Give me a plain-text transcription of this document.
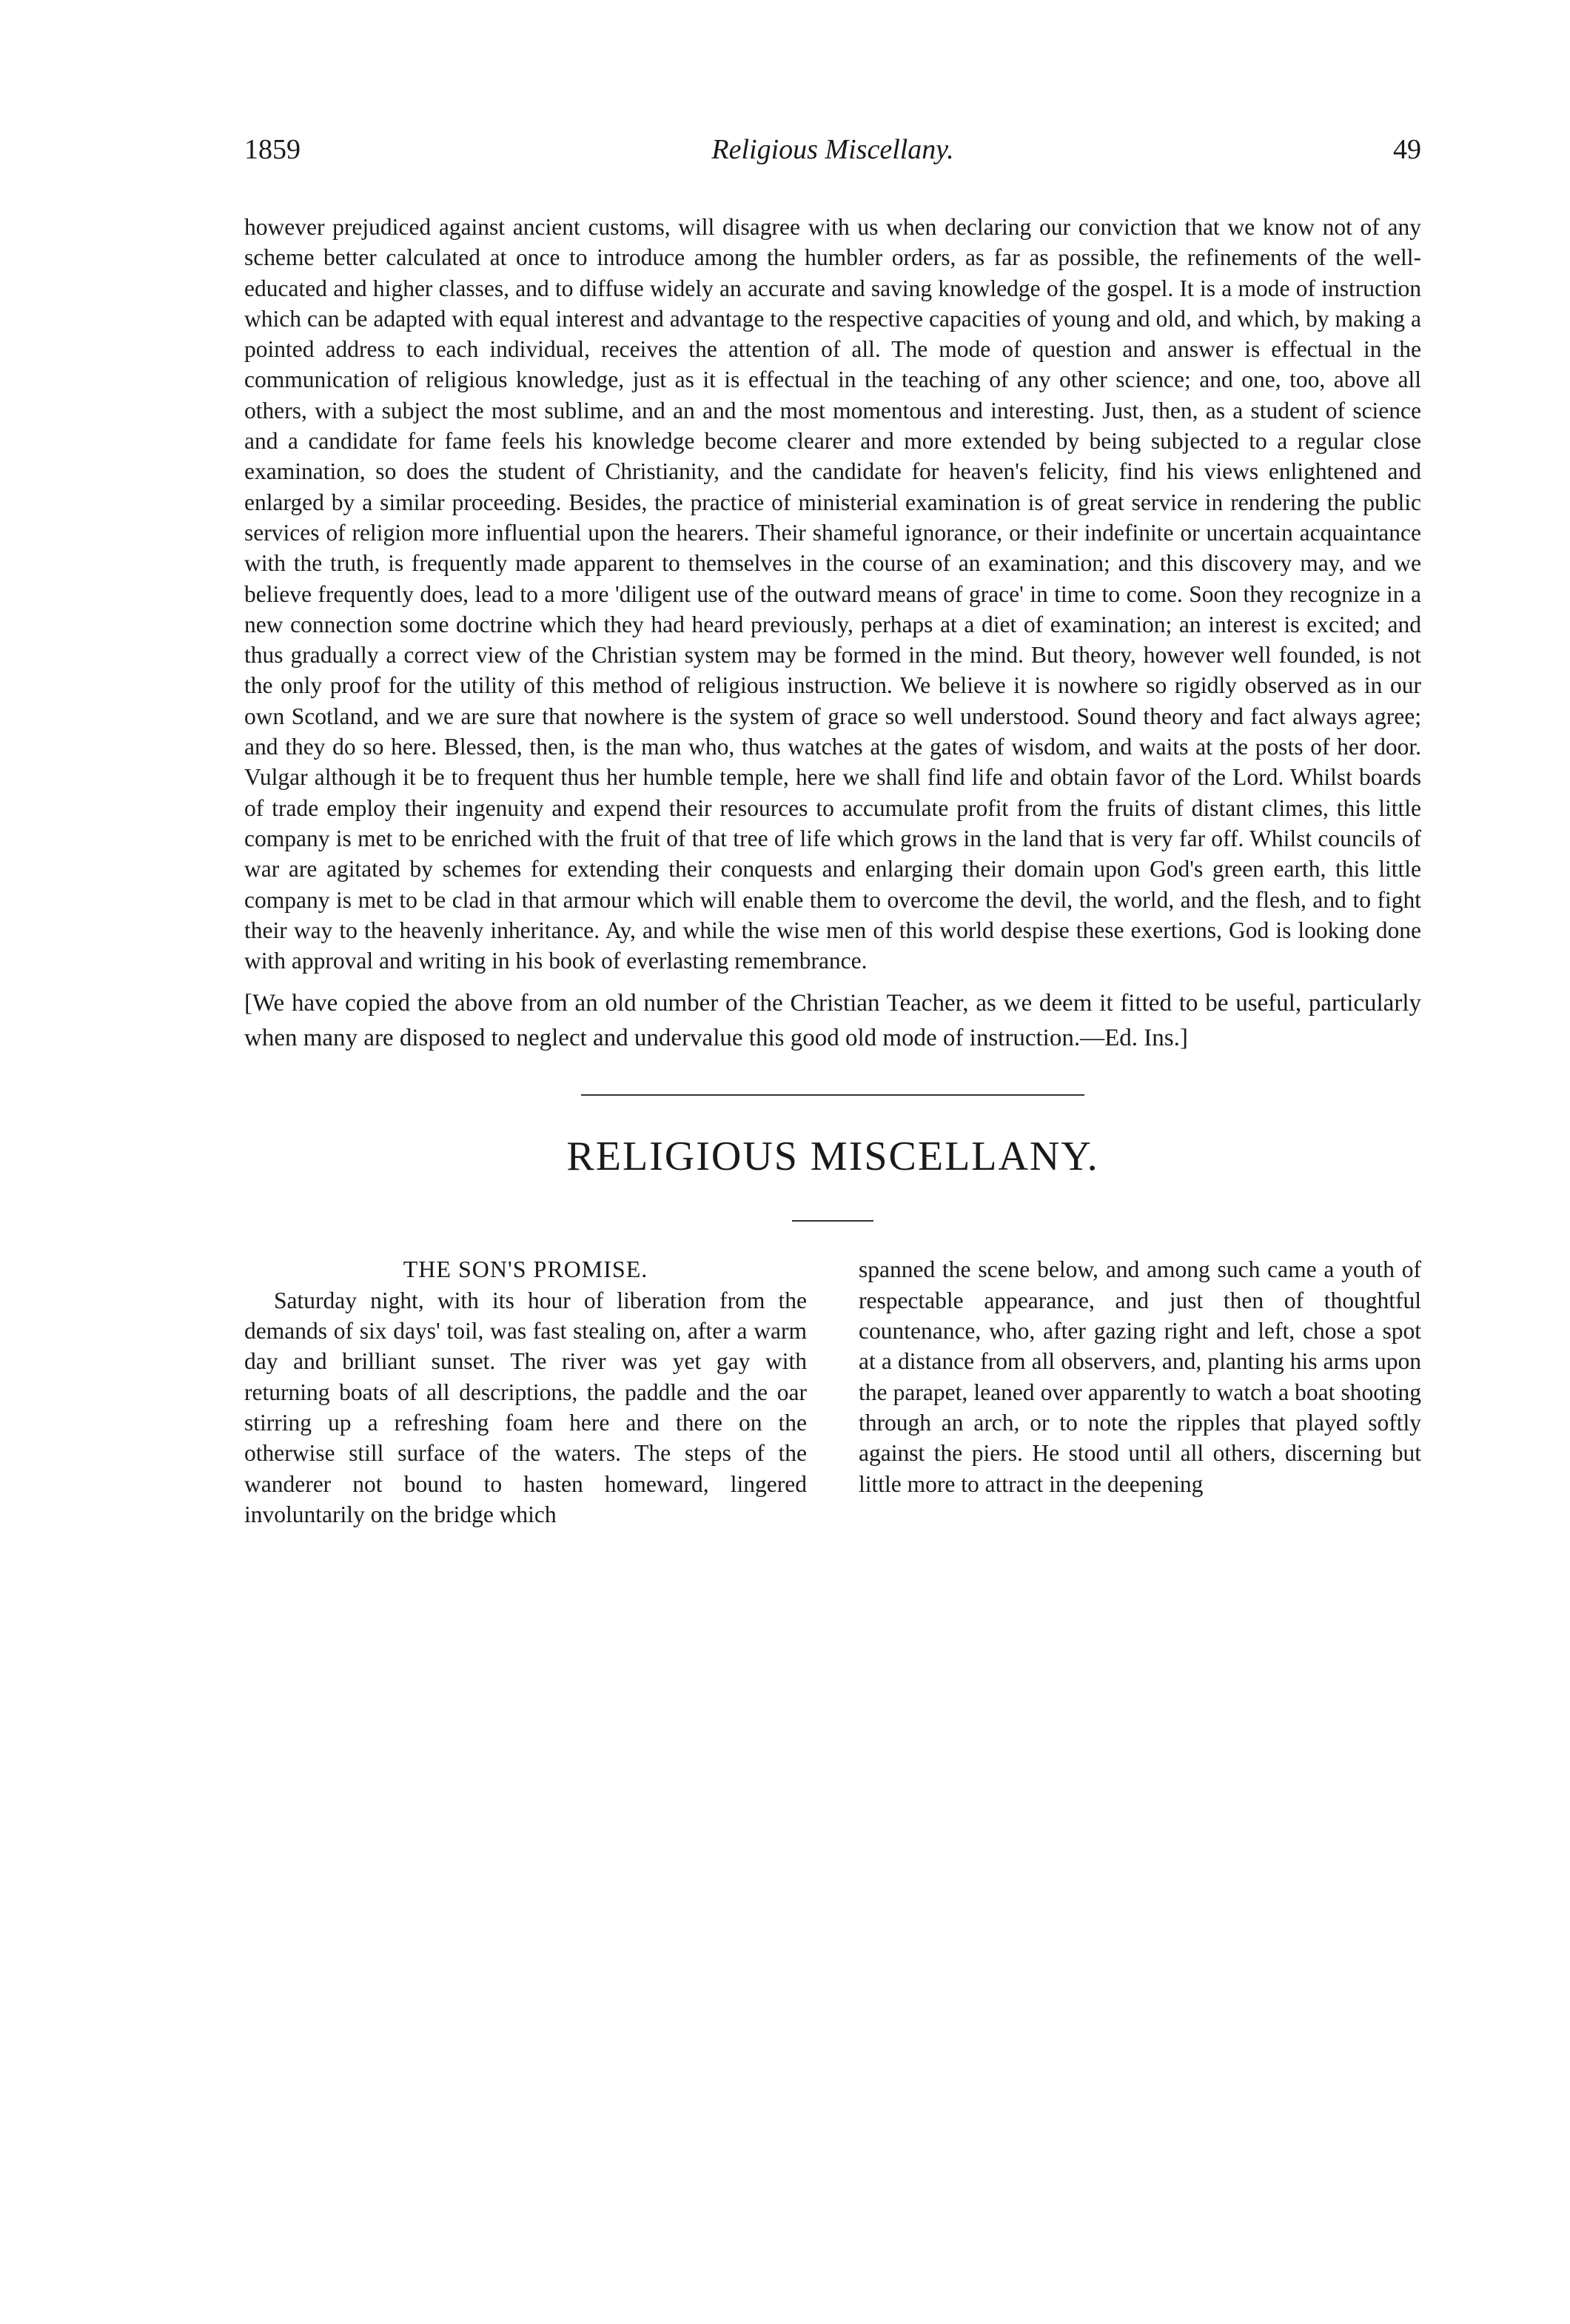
1859	Religious Miscellany.	49

however prejudiced against ancient customs, will disagree with us when declaring our conviction that we know not of any scheme better calculated at once to introduce among the humbler orders, as far as possible, the refinements of the well-educated and higher classes, and to diffuse widely an accurate and saving knowledge of the gospel. It is a mode of instruction which can be adapted with equal interest and advantage to the respective capacities of young and old, and which, by making a pointed address to each individual, receives the attention of all. The mode of question and answer is effectual in the communication of religious knowledge, just as it is effectual in the teaching of any other science; and one, too, above all others, with a subject the most sublime, and an and the most momentous and interesting. Just, then, as a student of science and a candidate for fame feels his knowledge become clearer and more extended by being subjected to a regular close examination, so does the student of Christianity, and the candidate for heaven's felicity, find his views enlightened and enlarged by a similar proceeding. Besides, the practice of ministerial examination is of great service in rendering the public services of religion more influential upon the hearers. Their shameful ignorance, or their indefinite or uncertain acquaintance with the truth, is frequently made apparent to themselves in the course of an examination; and this discovery may, and we believe frequently does, lead to a more 'diligent use of the outward means of grace' in time to come. Soon they recognize in a new connection some doctrine which they had heard previously, perhaps at a diet of examination; an interest is excited; and thus gradually a correct view of the Christian system may be formed in the mind. But theory, however well founded, is not the only proof for the utility of this method of religious instruction. We believe it is nowhere so rigidly observed as in our own Scotland, and we are sure that nowhere is the system of grace so well understood. Sound theory and fact always agree; and they do so here. Blessed, then, is the man who, thus watches at the gates of wisdom, and waits at the posts of her door. Vulgar although it be to frequent thus her humble temple, here we shall find life and obtain favor of the Lord. Whilst boards of trade employ their ingenuity and expend their resources to accumulate profit from the fruits of distant climes, this little company is met to be enriched with the fruit of that tree of life which grows in the land that is very far off. Whilst councils of war are agitated by schemes for extending their conquests and enlarging their domain upon God's green earth, this little company is met to be clad in that armour which will enable them to overcome the devil, the world, and the flesh, and to fight their way to the heavenly inheritance. Ay, and while the wise men of this world despise these exertions, God is looking done with approval and writing in his book of everlasting remembrance.

[We have copied the above from an old number of the Christian Teacher, as we deem it fitted to be useful, particularly when many are disposed to neglect and undervalue this good old mode of instruction.—Ed. Ins.]

RELIGIOUS MISCELLANY.
THE SON'S PROMISE.

Saturday night, with its hour of liberation from the demands of six days' toil, was fast stealing on, after a warm day and brilliant sunset. The river was yet gay with returning boats of all descriptions, the paddle and the oar stirring up a refreshing foam here and there on the otherwise still surface of the waters. The steps of the wanderer not bound to hasten homeward, lingered involuntarily on the bridge which

spanned the scene below, and among such came a youth of respectable appearance, and just then of thoughtful countenance, who, after gazing right and left, chose a spot at a distance from all observers, and, planting his arms upon the parapet, leaned over apparently to watch a boat shooting through an arch, or to note the ripples that played softly against the piers. He stood until all others, discerning but little more to attract in the deepening
